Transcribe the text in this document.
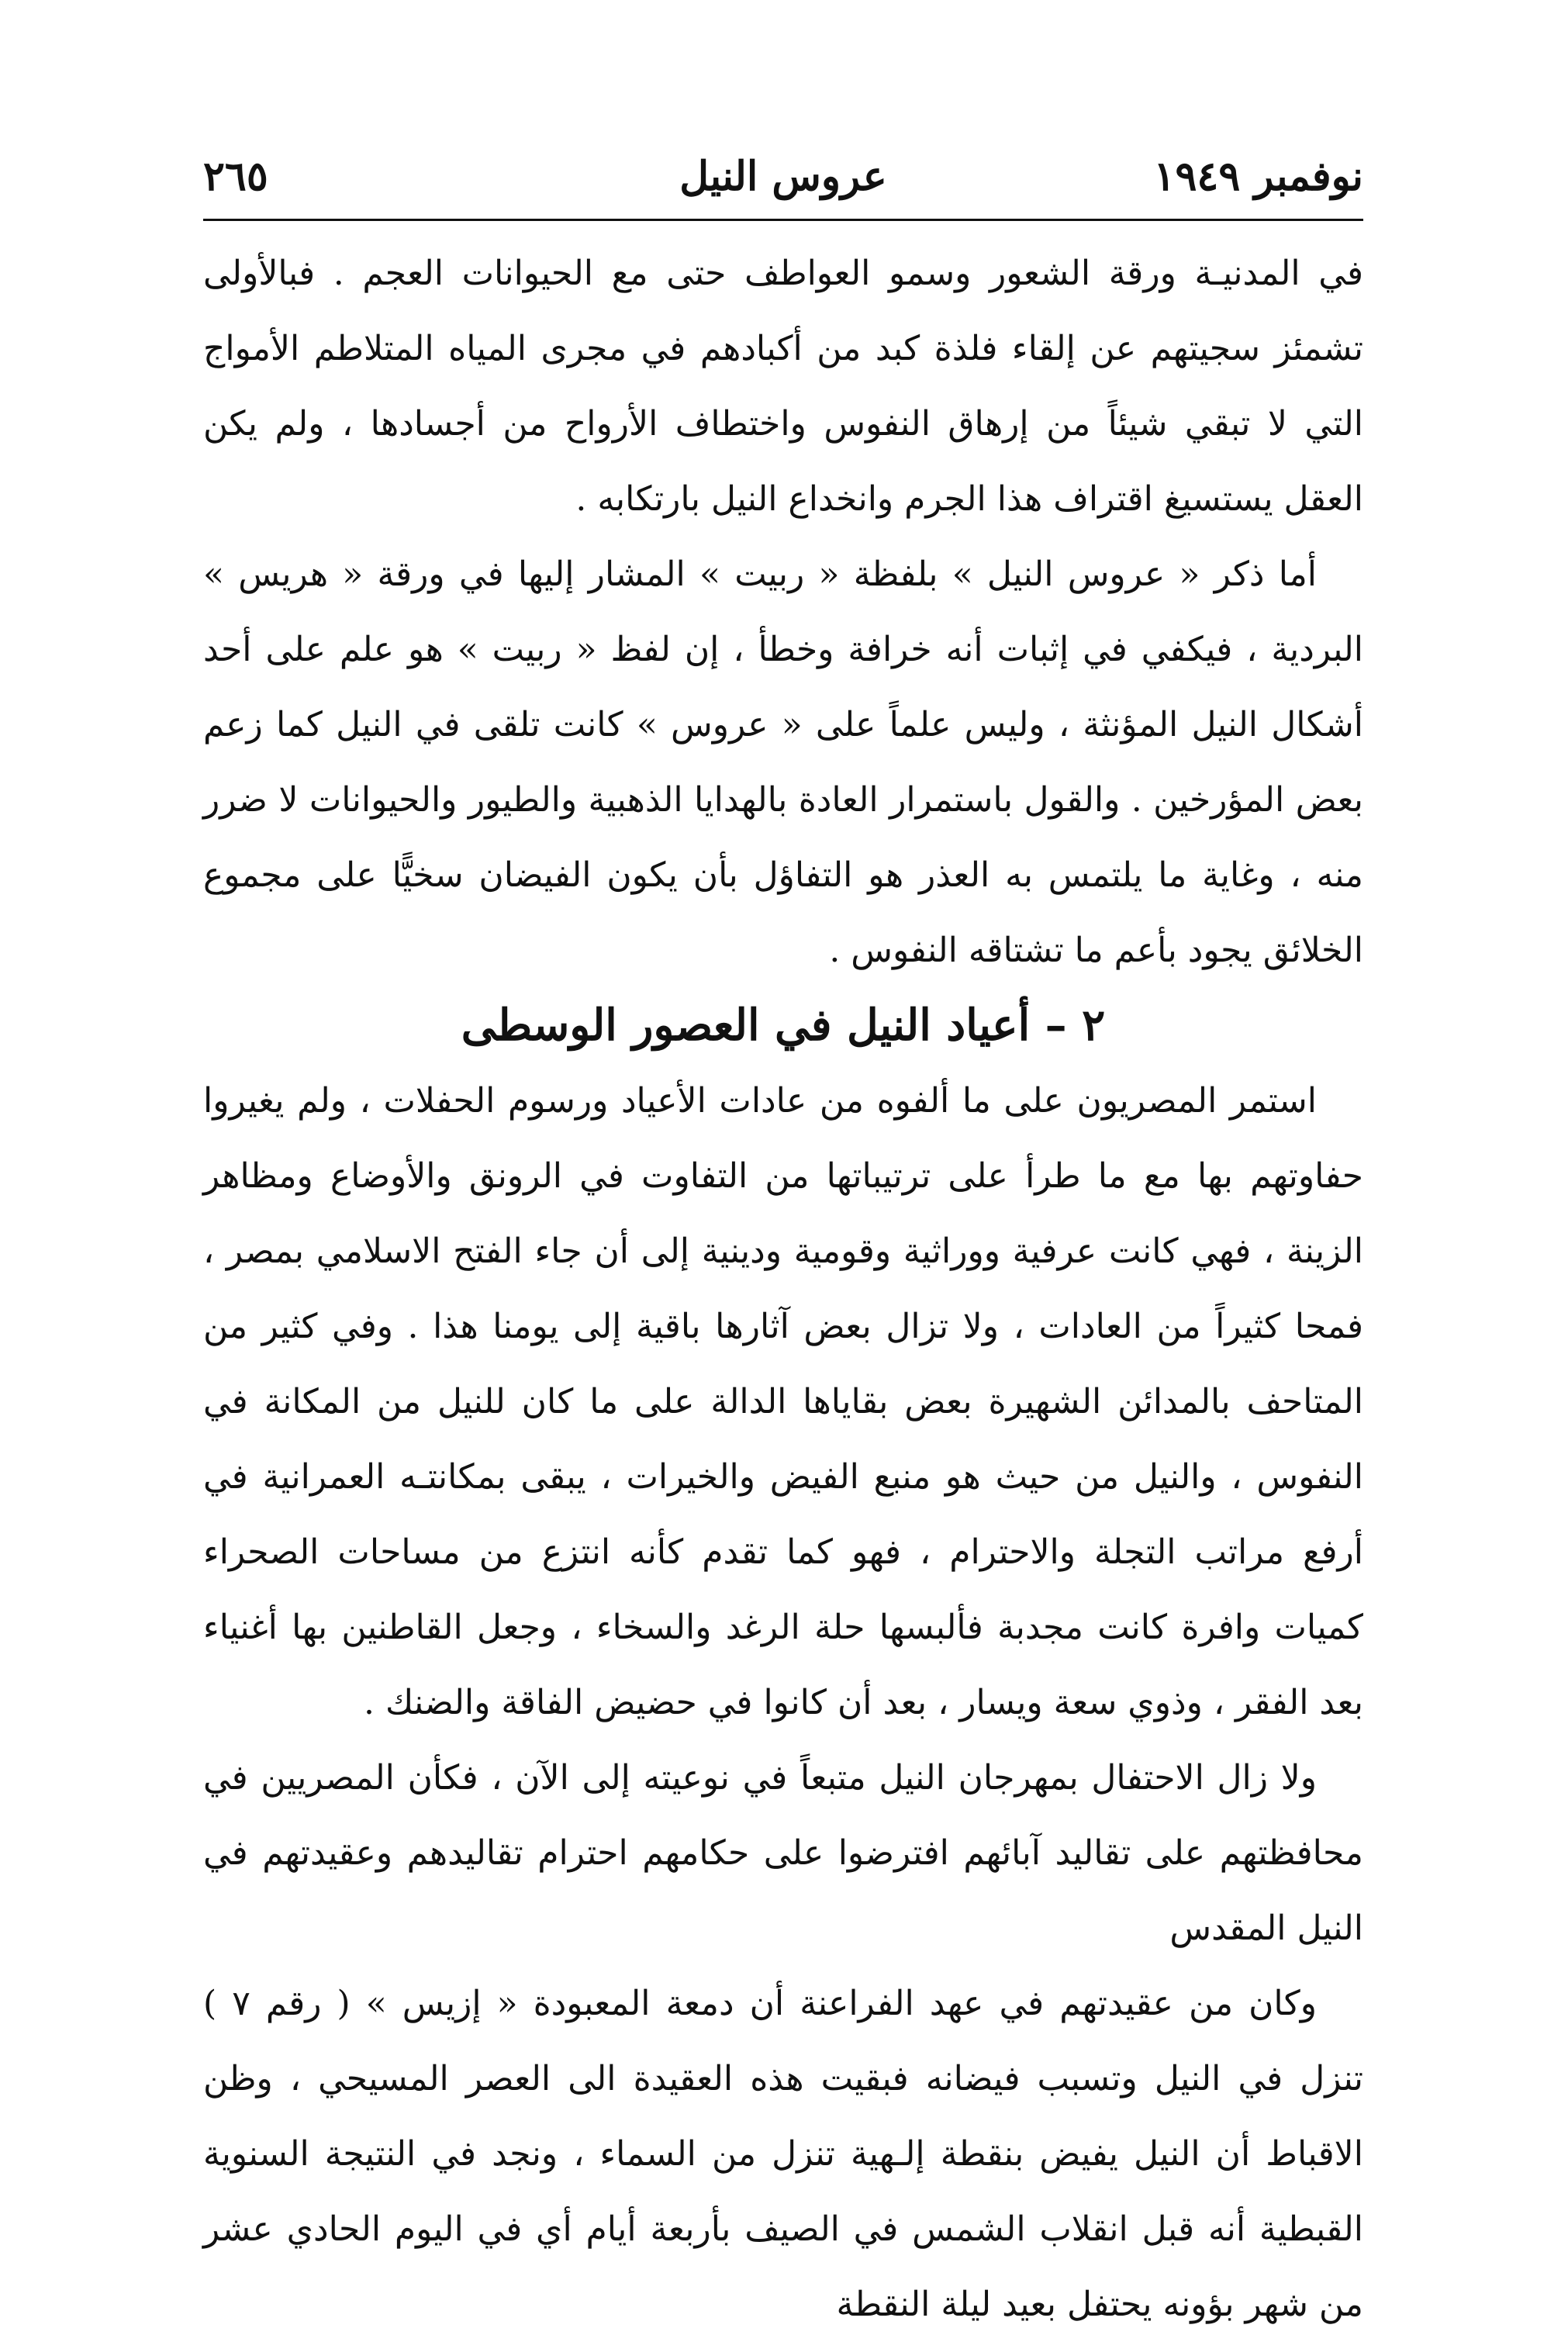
٢٦٥	عروس النيل	نوفمبر ١٩٤٩

في المدنيـة ورقة الشعور وسمو العواطف حتى مع الحيوانات العجم . فبالأولى تشمئز سجيتهم عن إلقاء فلذة كبد من أكبادهم في مجرى المياه المتلاطم الأمواج التي لا تبقي شيئاً من إرهاق النفوس واختطاف الأرواح من أجسادها ، ولم يكن العقل يستسيغ اقتراف هذا الجرم وانخداع النيل بارتكابه .

أما ذكر « عروس النيل » بلفظة « ربيت » المشار إليها في ورقة « هريس » البردية ، فيكفي في إثبات أنه خرافة وخطأ ، إن لفظ « ربيت » هو علم على أحد أشكال النيل المؤنثة ، وليس علماً على « عروس » كانت تلقى في النيل كما زعم بعض المؤرخين . والقول باستمرار العادة بالهدايا الذهبية والطيور والحيوانات لا ضرر منه ، وغاية ما يلتمس به العذر هو التفاؤل بأن يكون الفيضان سخيًّا على مجموع الخلائق يجود بأعم ما تشتاقه النفوس .

٢ – أعياد النيل في العصور الوسطى

استمر المصريون على ما ألفوه من عادات الأعياد ورسوم الحفلات ، ولم يغيروا حفاوتهم بها مع ما طرأ على ترتيباتها من التفاوت في الرونق والأوضاع ومظاهر الزينة ، فهي كانت عرفية ووراثية وقومية ودينية إلى أن جاء الفتح الاسلامي بمصر ، فمحا كثيراً من العادات ، ولا تزال بعض آثارها باقية إلى يومنا هذا . وفي كثير من المتاحف بالمدائن الشهيرة بعض بقاياها الدالة على ما كان للنيل من المكانة في النفوس ، والنيل من حيث هو منبع الفيض والخيرات ، يبقى بمكانتـه العمرانية في أرفع مراتب التجلة والاحترام ، فهو كما تقدم كأنه انتزع من مساحات الصحراء كميات وافرة كانت مجدبة فألبسها حلة الرغد والسخاء ، وجعل القاطنين بها أغنياء بعد الفقر ، وذوي سعة ويسار ، بعد أن كانوا في حضيض الفاقة والضنك .

ولا زال الاحتفال بمهرجان النيل متبعاً في نوعيته إلى الآن ، فكأن المصريين في محافظتهم على تقاليد آبائهم افترضوا على حكامهم احترام تقاليدهم وعقيدتهم في النيل المقدس

وكان من عقيدتهم في عهد الفراعنة أن دمعة المعبودة « إزيس » ( رقم ٧ ) تنزل في النيل وتسبب فيضانه فبقيت هذه العقيدة الى العصر المسيحي ، وظن الاقباط أن النيل يفيض بنقطة إلـهية تنزل من السماء ، ونجد في النتيجة السنوية القبطية أنه قبل انقلاب الشمس في الصيف بأربعة أيام أي في اليوم الحادي عشر من شهر بؤونه يحتفل بعيد ليلة النقطة
